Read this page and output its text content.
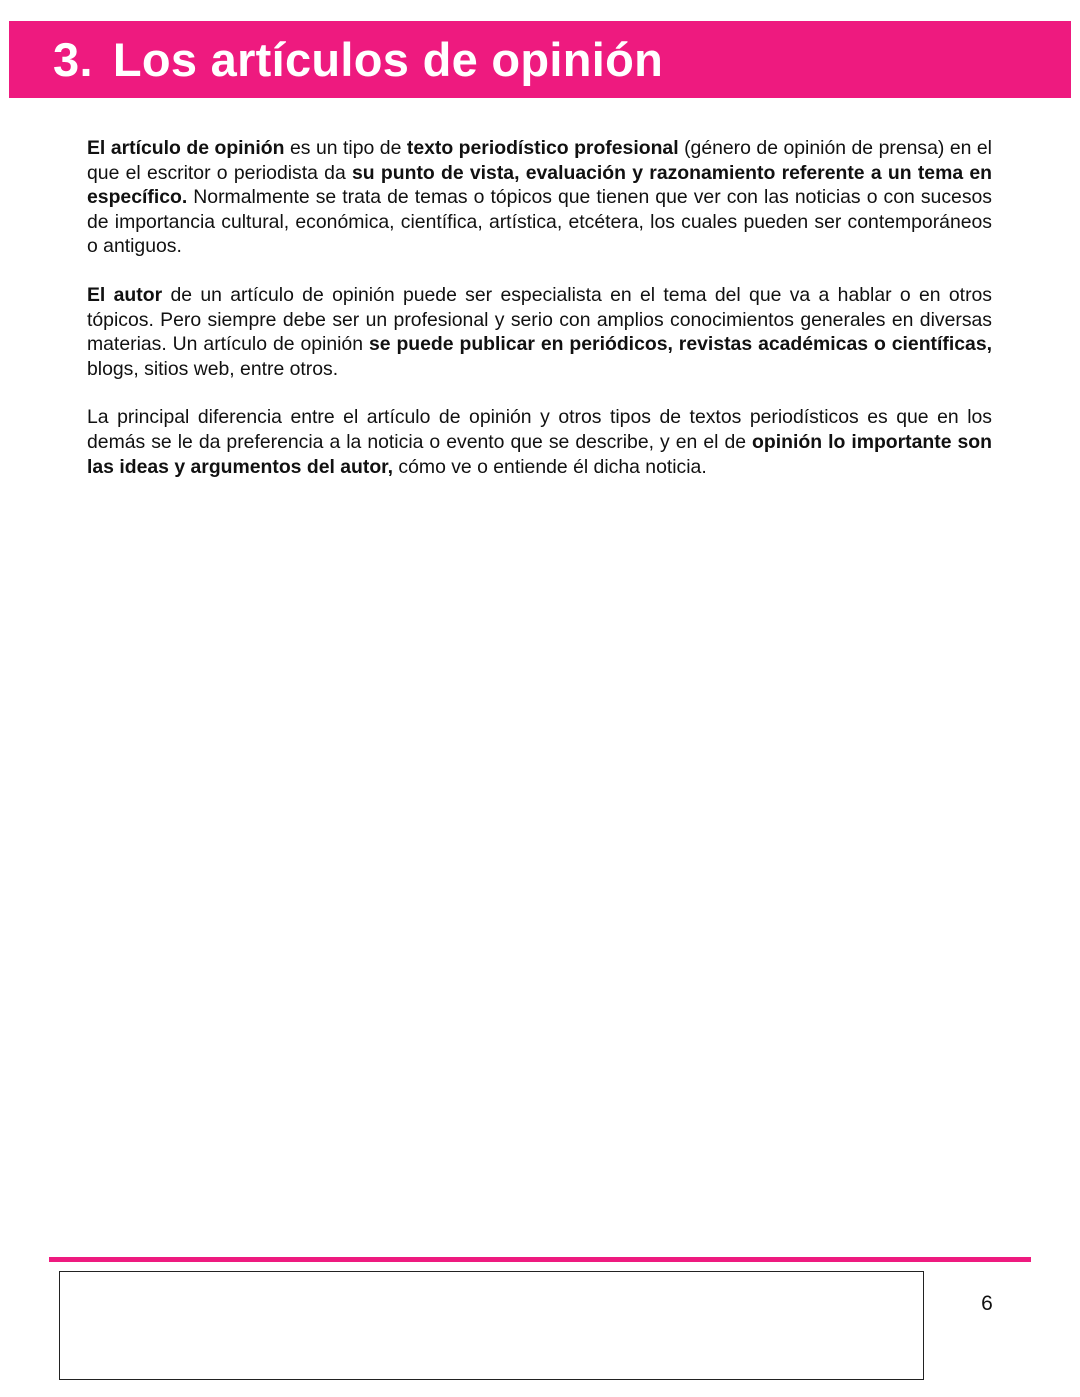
3. Los artículos de opinión

El artículo de opinión es un tipo de texto periodístico profesional (género de opinión de prensa) en el que el escritor o periodista da su punto de vista, evaluación y razonamiento referente a un tema en específico. Normalmente se trata de temas o tópicos que tienen que ver con las noticias o con sucesos de importancia cultural, económica, científica, artística, etcétera, los cuales pueden ser contemporáneos o antiguos.

El autor de un artículo de opinión puede ser especialista en el tema del que va a hablar o en otros tópicos. Pero siempre debe ser un profesional y serio con amplios conocimientos generales en diversas materias. Un artículo de opinión se puede publicar en periódicos, revistas académicas o científicas, blogs, sitios web, entre otros.

La principal diferencia entre el artículo de opinión y otros tipos de textos periodísticos es que en los demás se le da preferencia a la noticia o evento que se describe, y en el de opinión lo importante son las ideas y argumentos del autor, cómo ve o entiende él dicha noticia.

6
